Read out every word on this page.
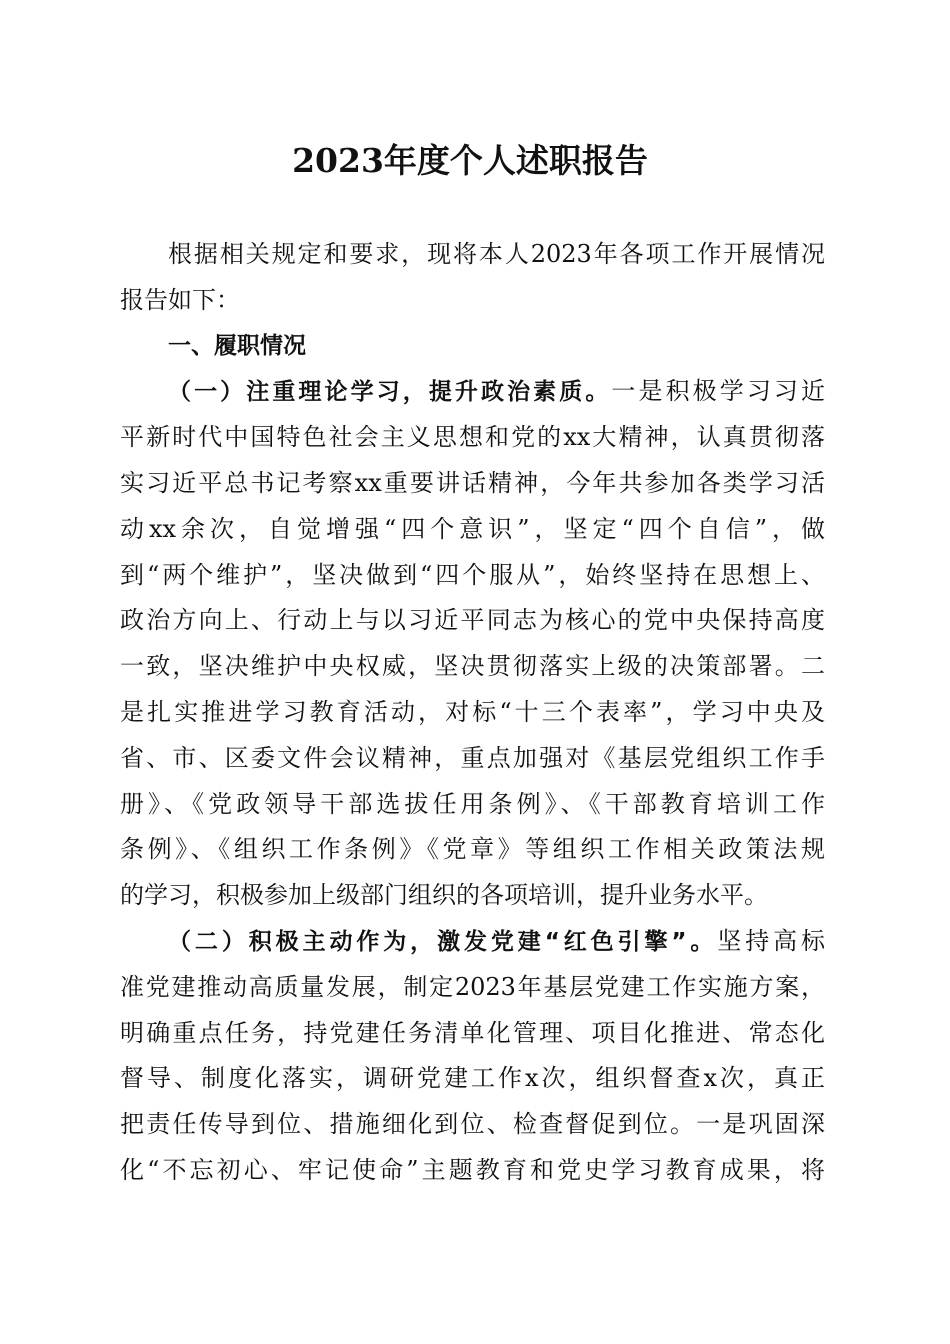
2023年度个人述职报告
根据相关规定和要求，现将本人2023年各项工作开展情况
报告如下：
一、履职情况
（一）注重理论学习，提升政治素质。一是积极学习习近
平新时代中国特色社会主义思想和党的xx大精神，认真贯彻落
实习近平总书记考察xx重要讲话精神，今年共参加各类学习活
动xx余次，自觉增强“四个意识”，坚定“四个自信”，做
到“两个维护”，坚决做到“四个服从”，始终坚持在思想上、
政治方向上、行动上与以习近平同志为核心的党中央保持高度
一致，坚决维护中央权威，坚决贯彻落实上级的决策部署。二
是扎实推进学习教育活动，对标“十三个表率”，学习中央及
省、市、区委文件会议精神，重点加强对《基层党组织工作手
册》、《党政领导干部选拔任用条例》、《干部教育培训工作
条例》、《组织工作条例》《党章》等组织工作相关政策法规
的学习，积极参加上级部门组织的各项培训，提升业务水平。
（二）积极主动作为，激发党建“红色引擎”。坚持高标
准党建推动高质量发展，制定2023年基层党建工作实施方案，
明确重点任务，持党建任务清单化管理、项目化推进、常态化
督导、制度化落实，调研党建工作x次，组织督查x次，真正
把责任传导到位、措施细化到位、检查督促到位。一是巩固深
化“不忘初心、牢记使命”主题教育和党史学习教育成果，将
